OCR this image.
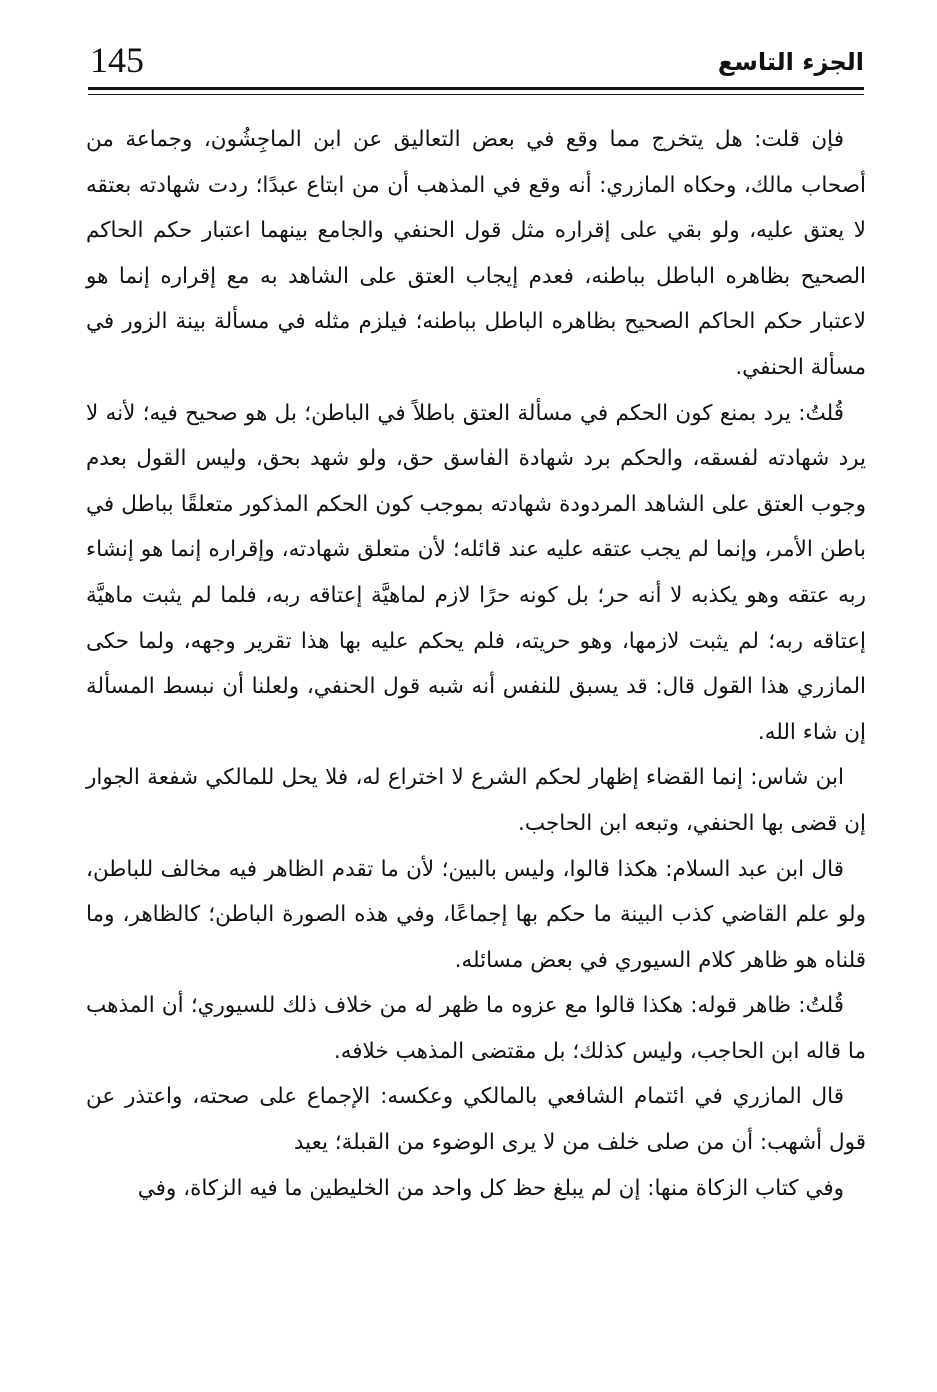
145	الجزء التاسع

فإن قلت: هل يتخرج مما وقع في بعض التعاليق عن ابن الماجِشُون، وجماعة من أصحاب مالك، وحكاه المازري: أنه وقع في المذهب أن من ابتاع عبدًا؛ ردت شهادته بعتقه لا يعتق عليه، ولو بقي على إقراره مثل قول الحنفي والجامع بينهما اعتبار حكم الحاكم الصحيح بظاهره الباطل بباطنه، فعدم إيجاب العتق على الشاهد به مع إقراره إنما هو لاعتبار حكم الحاكم الصحيح بظاهره الباطل بباطنه؛ فيلزم مثله في مسألة بينة الزور في مسألة الحنفي.

قُلتُ: يرد بمنع كون الحكم في مسألة العتق باطلاً في الباطن؛ بل هو صحيح فيه؛ لأنه لا يرد شهادته لفسقه، والحكم برد شهادة الفاسق حق، ولو شهد بحق، وليس القول بعدم وجوب العتق على الشاهد المردودة شهادته بموجب كون الحكم المذكور متعلقًا بباطل في باطن الأمر، وإنما لم يجب عتقه عليه عند قائله؛ لأن متعلق شهادته، وإقراره إنما هو إنشاء ربه عتقه وهو يكذبه لا أنه حر؛ بل كونه حرًا لازم لماهيَّة إعتاقه ربه، فلما لم يثبت ماهيَّة إعتاقه ربه؛ لم يثبت لازمها، وهو حريته، فلم يحكم عليه بها هذا تقرير وجهه، ولما حكى المازري هذا القول قال: قد يسبق للنفس أنه شبه قول الحنفي، ولعلنا أن نبسط المسألة إن شاء الله.

ابن شاس: إنما القضاء إظهار لحكم الشرع لا اختراع له، فلا يحل للمالكي شفعة الجوار إن قضى بها الحنفي، وتبعه ابن الحاجب.

قال ابن عبد السلام: هكذا قالوا، وليس بالبين؛ لأن ما تقدم الظاهر فيه مخالف للباطن، ولو علم القاضي كذب البينة ما حكم بها إجماعًا، وفي هذه الصورة الباطن؛ كالظاهر، وما قلناه هو ظاهر كلام السيوري في بعض مسائله.

قُلتُ: ظاهر قوله: هكذا قالوا مع عزوه ما ظهر له من خلاف ذلك للسيوري؛ أن المذهب ما قاله ابن الحاجب، وليس كذلك؛ بل مقتضى المذهب خلافه.

قال المازري في ائتمام الشافعي بالمالكي وعكسه: الإجماع على صحته، واعتذر عن قول أشهب: أن من صلى خلف من لا يرى الوضوء من القبلة؛ يعيد

وفي كتاب الزكاة منها: إن لم يبلغ حظ كل واحد من الخليطين ما فيه الزكاة، وفي
